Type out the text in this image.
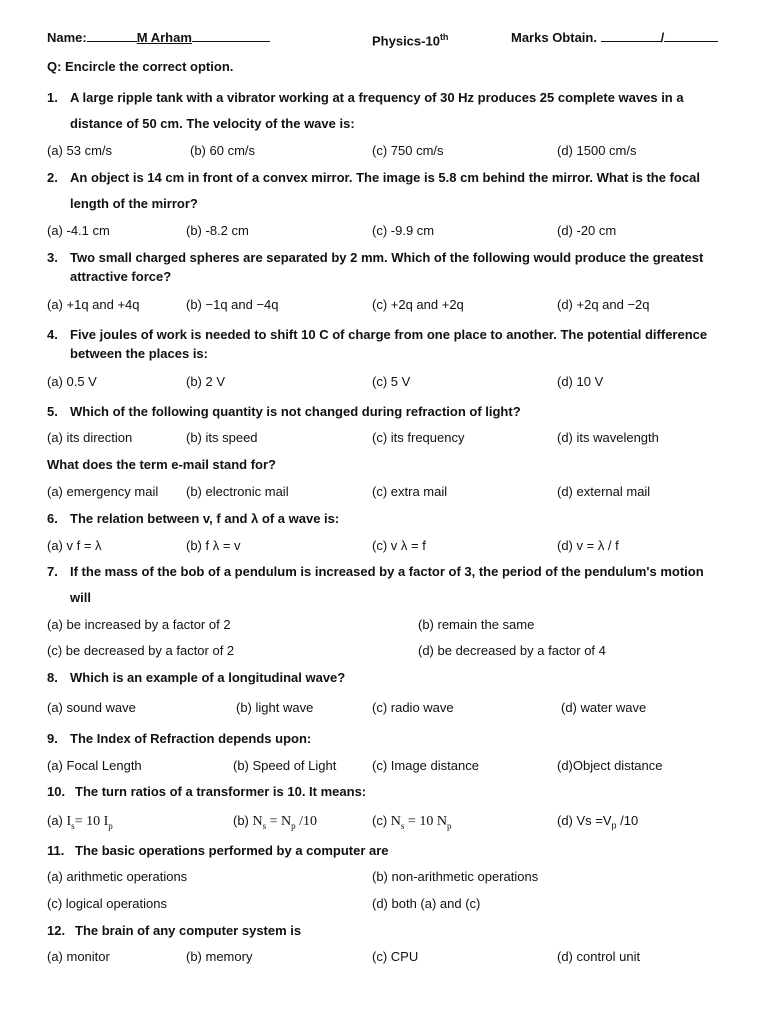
Name:	M Arham	Physics-10th	Marks Obtain.	/
Q: Encircle the correct option.
1. A large ripple tank with a vibrator working at a frequency of 30 Hz produces 25 complete waves in a
distance of 50 cm. The velocity of the wave is:
(a) 53 cm/s	(b) 60 cm/s	(c) 750 cm/s	(d) 1500 cm/s
2. An object is 14 cm in front of a convex mirror. The image is 5.8 cm behind the mirror. What is the focal
length of the mirror?
(a) -4.1 cm	(b) -8.2 cm	(c) -9.9 cm	(d) -20 cm
3. Two small charged spheres are separated by 2 mm. Which of the following would produce the greatest
attractive force?
(a) +1q and +4q	(b) −1q and −4q	(c) +2q and +2q	(d) +2q and −2q
4. Five joules of work is needed to shift 10 C of charge from one place to another. The potential difference
between the places is:
(a) 0.5 V	(b) 2 V	(c) 5 V	(d) 10 V
5. Which of the following quantity is not changed during refraction of light?
(a) its direction	(b) its speed	(c) its frequency	(d) its wavelength
What does the term e-mail stand for?
(a) emergency mail (b) electronic mail	(c) extra mail	(d) external mail
6. The relation between v, f and λ of a wave is:
(a) v f = λ	(b) f λ = v	(c) v λ = f	(d) v = λ / f
7. If the mass of the bob of a pendulum is increased by a factor of 3, the period of the pendulum's motion
will
(a) be increased by a factor of 2	(b) remain the same
(c) be decreased by a factor of 2	(d) be decreased by a factor of 4
8. Which is an example of a longitudinal wave?
(a) sound wave	(b) light wave	(c) radio wave	(d) water wave
9. The Index of Refraction depends upon:
(a) Focal Length	(b) Speed of Light	(c) Image distance	(d)Object distance
10. The turn ratios of a transformer is 10. It means:
(a) $I_s= 10$ $I_p$	(b) $N_s = N_p$ /10	(c) $N_s = 10$ $N_p$	(d) $Vs =V_p$ /10
11. The basic operations performed by a computer are
(a) arithmetic operations	(b) non-arithmetic operations
(c) logical operations	(d) both (a) and (c)
12. The brain of any computer system is
(a) monitor	(b) memory	(c) CPU	(d) control unit
